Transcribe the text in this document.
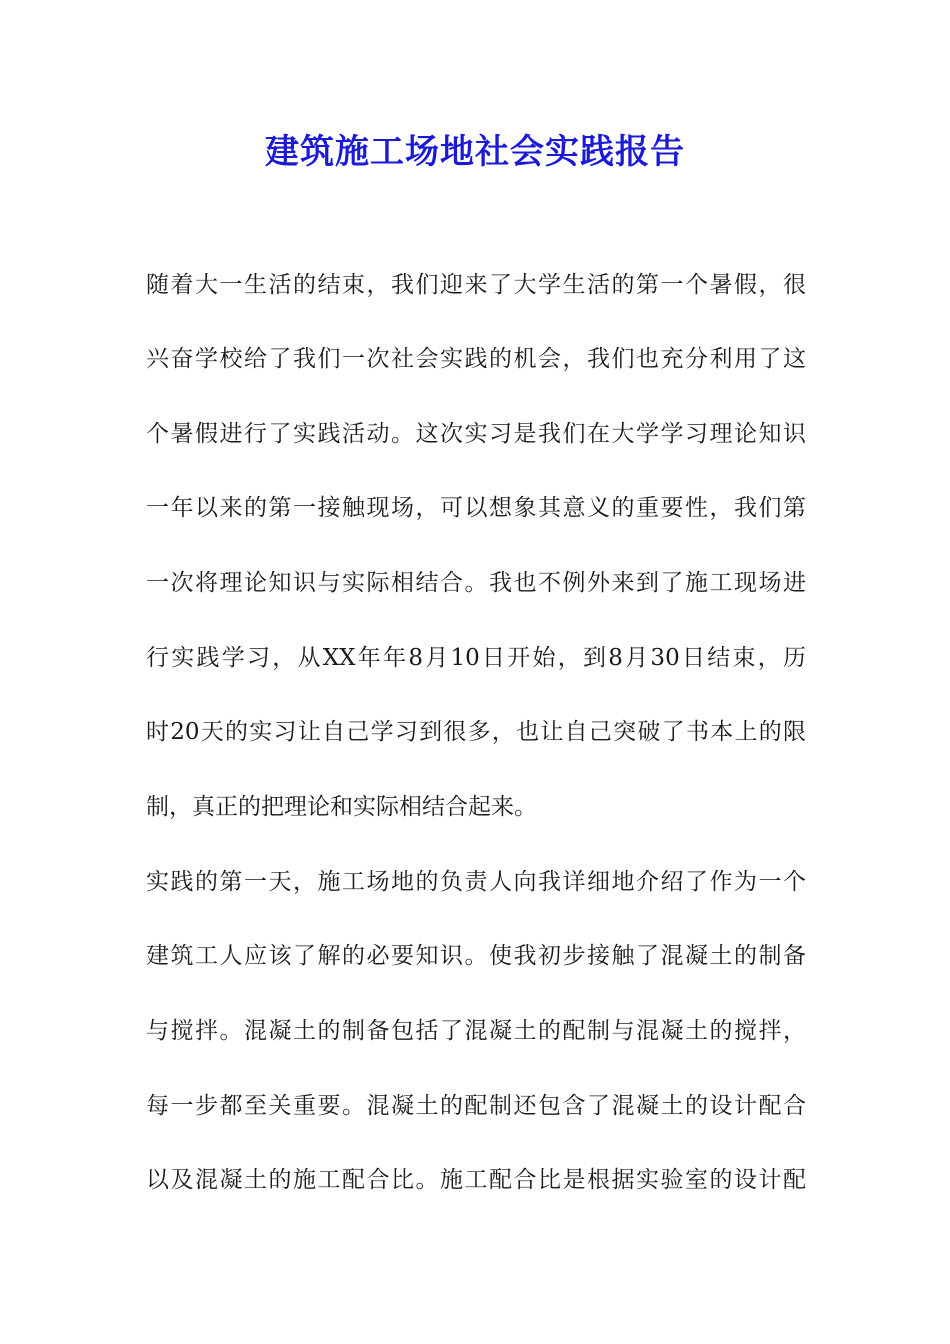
建筑施工场地社会实践报告
随着大一生活的结束，我们迎来了大学生活的第一个暑假，很
兴奋学校给了我们一次社会实践的机会，我们也充分利用了这
个暑假进行了实践活动。这次实习是我们在大学学习理论知识
一年以来的第一接触现场，可以想象其意义的重要性，我们第
一次将理论知识与实际相结合。我也不例外来到了施工现场进
行实践学习，从XX年年8月10日开始，到8月30日结束，历
时20天的实习让自己学习到很多，也让自己突破了书本上的限
制，真正的把理论和实际相结合起来。
实践的第一天，施工场地的负责人向我详细地介绍了作为一个
建筑工人应该了解的必要知识。使我初步接触了混凝土的制备
与搅拌。混凝土的制备包括了混凝土的配制与混凝土的搅拌，
每一步都至关重要。混凝土的配制还包含了混凝土的设计配合
以及混凝土的施工配合比。施工配合比是根据实验室的设计配
